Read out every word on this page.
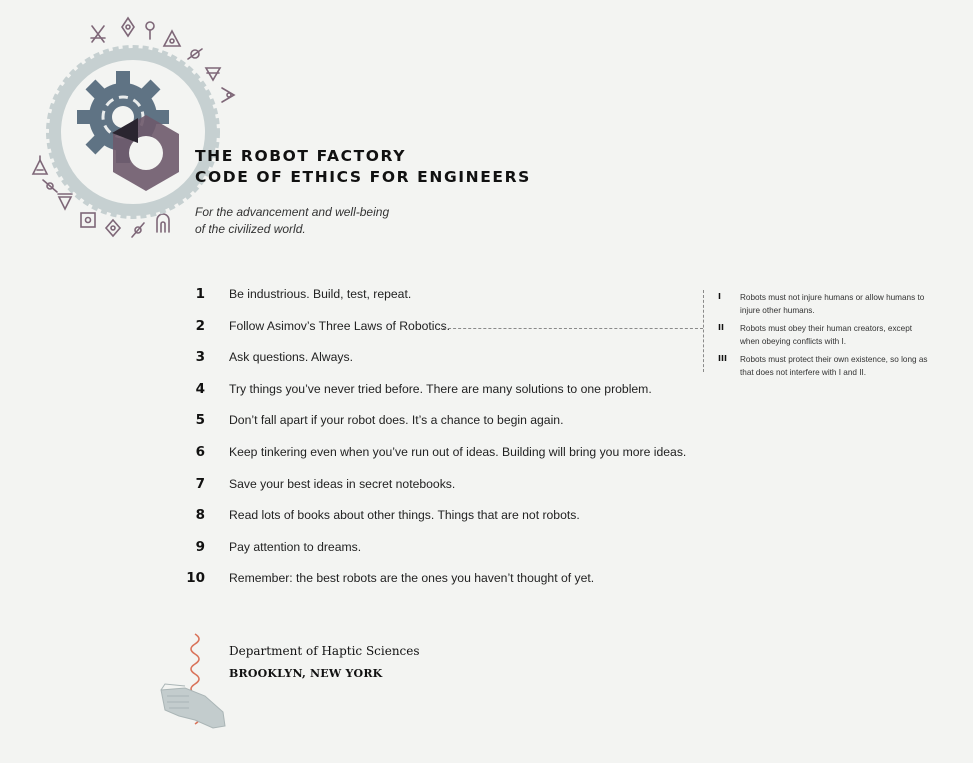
THE ROBOT FACTORY
CODE OF ETHICS FOR ENGINEERS
For the advancement and well-being
of the civilized world.
1 Be industrious. Build, test, repeat.
2 Follow Asimov’s Three Laws of Robotics.
3 Ask questions. Always.
4 Try things you’ve never tried before. There are many solutions to one problem.
5 Don’t fall apart if your robot does. It’s a chance to begin again.
6 Keep tinkering even when you’ve run out of ideas. Building will bring you more ideas.
7 Save your best ideas in secret notebooks.
8 Read lots of books about other things. Things that are not robots.
9 Pay attention to dreams.
10 Remember: the best robots are the ones you haven’t thought of yet.
I	Robots must not injure humans or allow humans to injure other humans.
II	Robots must obey their human creators, except when obeying conflicts with I.
III	Robots must protect their own existence, so long as that does not interfere with I and II.
Department of Haptic Sciences
BROOKLYN, NEW YORK
